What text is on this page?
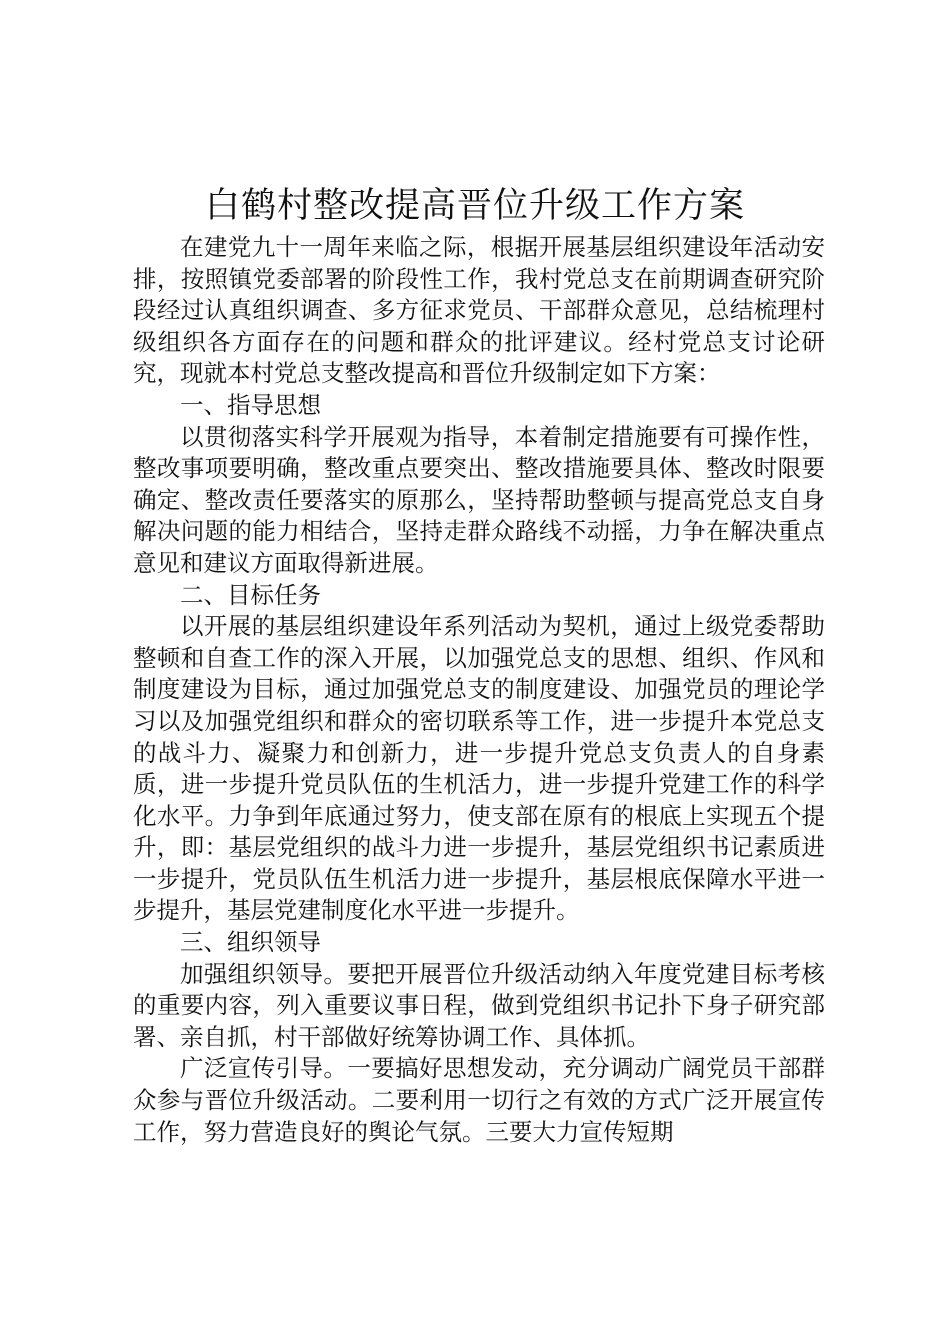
白鹤村整改提高晋位升级工作方案

在建党九十一周年来临之际，根据开展基层组织建设年活动安排，按照镇党委部署的阶段性工作，我村党总支在前期调查研究阶段经过认真组织调查、多方征求党员、干部群众意见，总结梳理村级组织各方面存在的问题和群众的批评建议。经村党总支讨论研究，现就本村党总支整改提高和晋位升级制定如下方案：

一、指导思想

以贯彻落实科学开展观为指导，本着制定措施要有可操作性，整改事项要明确，整改重点要突出、整改措施要具体、整改时限要确定、整改责任要落实的原那么，坚持帮助整顿与提高党总支自身解决问题的能力相结合，坚持走群众路线不动摇，力争在解决重点意见和建议方面取得新进展。

二、目标任务

以开展的基层组织建设年系列活动为契机，通过上级党委帮助整顿和自查工作的深入开展，以加强党总支的思想、组织、作风和制度建设为目标，通过加强党总支的制度建设、加强党员的理论学习以及加强党组织和群众的密切联系等工作，进一步提升本党总支的战斗力、凝聚力和创新力，进一步提升党总支负责人的自身素质，进一步提升党员队伍的生机活力，进一步提升党建工作的科学化水平。力争到年底通过努力，使支部在原有的根底上实现五个提升，即：基层党组织的战斗力进一步提升，基层党组织书记素质进一步提升，党员队伍生机活力进一步提升，基层根底保障水平进一步提升，基层党建制度化水平进一步提升。

三、组织领导

加强组织领导。要把开展晋位升级活动纳入年度党建目标考核的重要内容，列入重要议事日程，做到党组织书记扑下身子研究部署、亲自抓，村干部做好统筹协调工作、具体抓。

广泛宣传引导。一要搞好思想发动，充分调动广阔党员干部群众参与晋位升级活动。二要利用一切行之有效的方式广泛开展宣传工作，努力营造良好的舆论气氛。三要大力宣传短期
